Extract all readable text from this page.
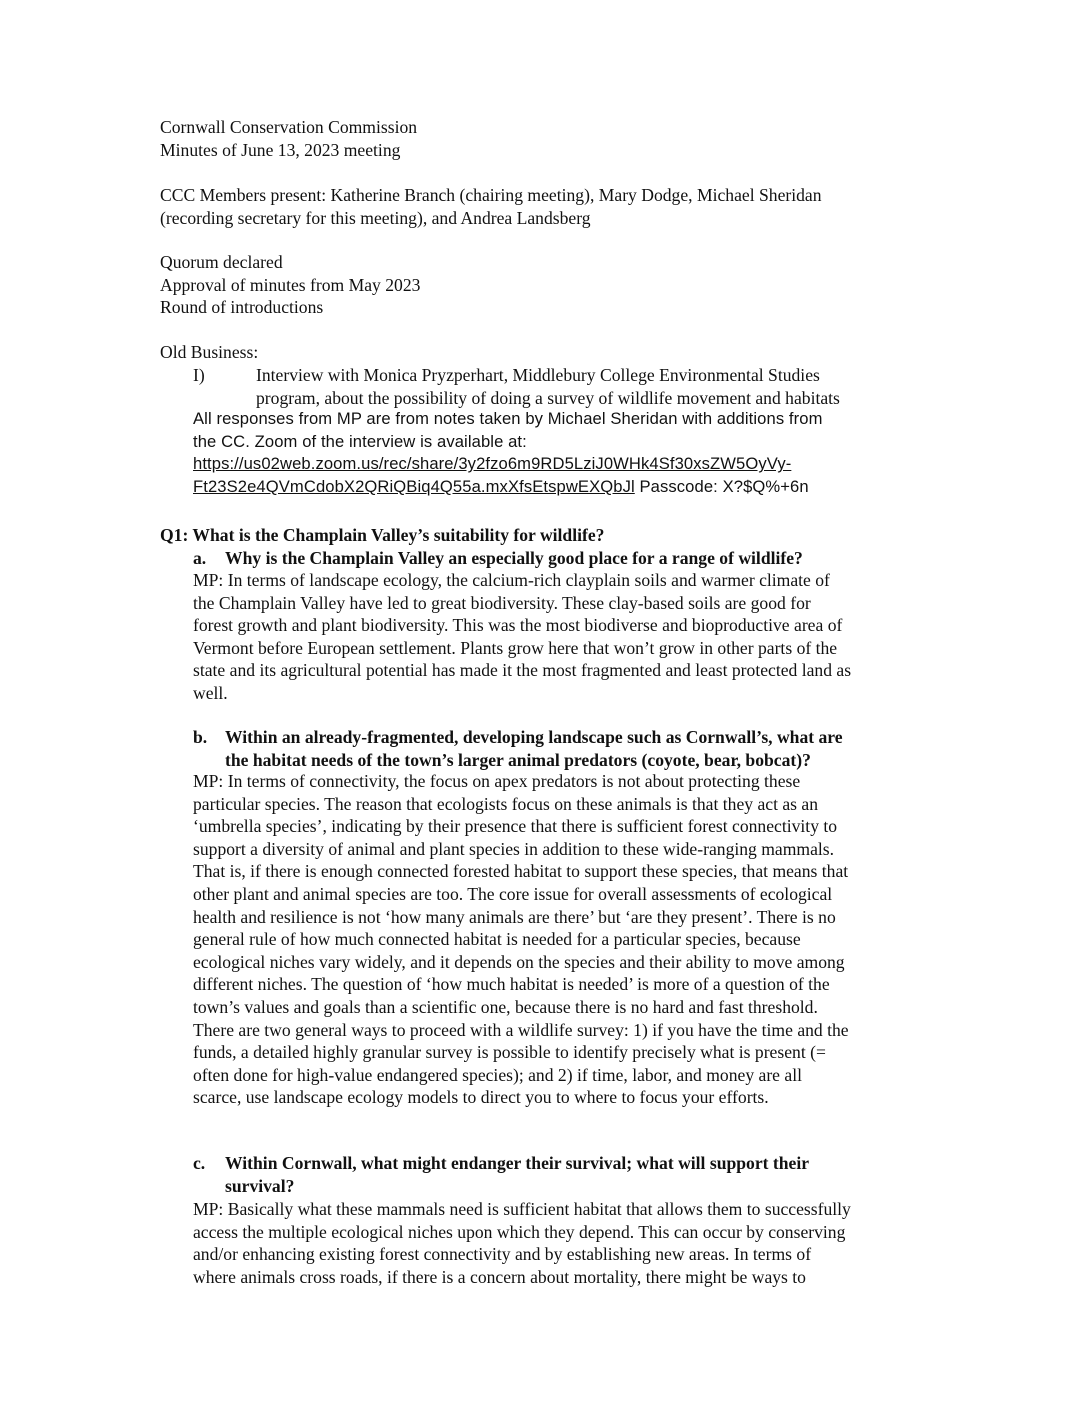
Cornwall Conservation Commission
Minutes of June 13, 2023 meeting
CCC Members present: Katherine Branch (chairing meeting), Mary Dodge, Michael Sheridan
(recording secretary for this meeting), and Andrea Landsberg
Quorum declared
Approval of minutes from May 2023
Round of introductions
Old Business:
I)	Interview with Monica Pryzperhart, Middlebury College Environmental Studies
program, about the possibility of doing a survey of wildlife movement and habitats
All responses from MP are from notes taken by Michael Sheridan with additions from
the CC. Zoom of the interview is available at:
https://us02web.zoom.us/rec/share/3y2fzo6m9RD5LziJ0WHk4Sf30xsZW5OyVy-
Ft23S2e4QVmCdobX2QRiQBiq4Q55a.mxXfsEtspwEXQbJl Passcode: X?$Q%+6n
Q1: What is the Champlain Valley’s suitability for wildlife?
a. Why is the Champlain Valley an especially good place for a range of wildlife?
MP: In terms of landscape ecology, the calcium-rich clayplain soils and warmer climate of
the Champlain Valley have led to great biodiversity. These clay-based soils are good for
forest growth and plant biodiversity. This was the most biodiverse and bioproductive area of
Vermont before European settlement. Plants grow here that won’t grow in other parts of the
state and its agricultural potential has made it the most fragmented and least protected land as
well.
b. Within an already-fragmented, developing landscape such as Cornwall’s, what are
the habitat needs of the town’s larger animal predators (coyote, bear, bobcat)?
MP: In terms of connectivity, the focus on apex predators is not about protecting these
particular species. The reason that ecologists focus on these animals is that they act as an
‘umbrella species’, indicating by their presence that there is sufficient forest connectivity to
support a diversity of animal and plant species in addition to these wide-ranging mammals.
That is, if there is enough connected forested habitat to support these species, that means that
other plant and animal species are too. The core issue for overall assessments of ecological
health and resilience is not ‘how many animals are there’ but ‘are they present’. There is no
general rule of how much connected habitat is needed for a particular species, because
ecological niches vary widely, and it depends on the species and their ability to move among
different niches. The question of ‘how much habitat is needed’ is more of a question of the
town’s values and goals than a scientific one, because there is no hard and fast threshold.
There are two general ways to proceed with a wildlife survey: 1) if you have the time and the
funds, a detailed highly granular survey is possible to identify precisely what is present (=
often done for high-value endangered species); and 2) if time, labor, and money are all
scarce, use landscape ecology models to direct you to where to focus your efforts.
c. Within Cornwall, what might endanger their survival; what will support their
survival?
MP: Basically what these mammals need is sufficient habitat that allows them to successfully
access the multiple ecological niches upon which they depend. This can occur by conserving
and/or enhancing existing forest connectivity and by establishing new areas. In terms of
where animals cross roads, if there is a concern about mortality, there might be ways to
